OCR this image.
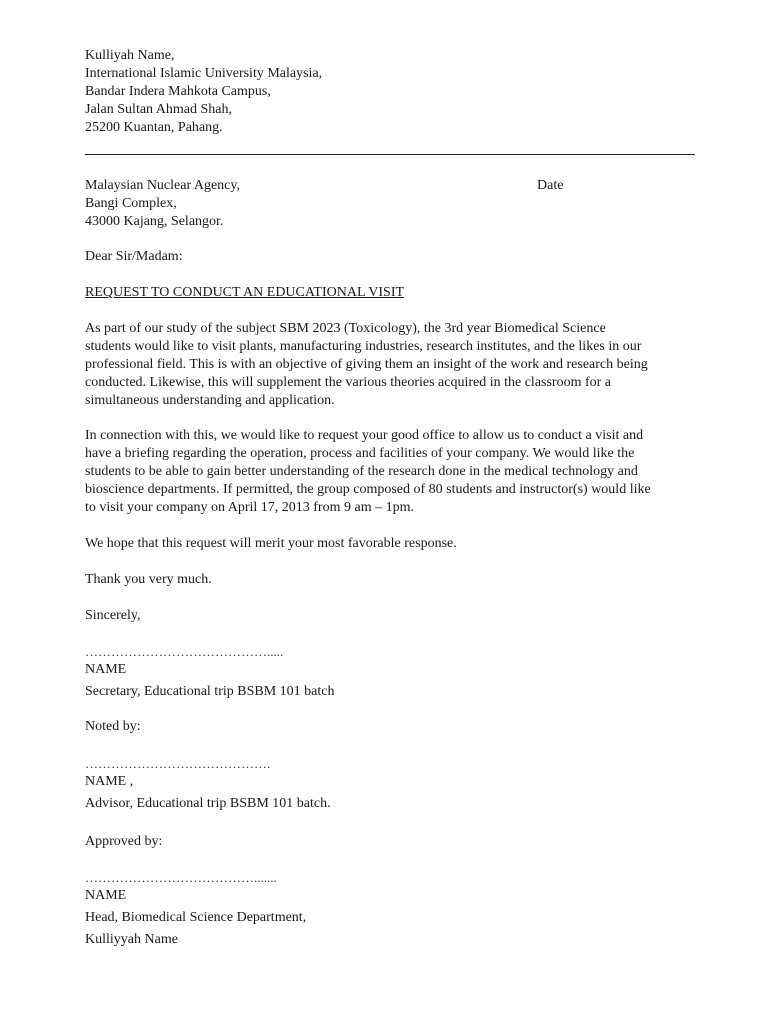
Kulliyah Name,
International Islamic University Malaysia,
Bandar Indera Mahkota Campus,
Jalan Sultan Ahmad Shah,
25200 Kuantan, Pahang.
Malaysian Nuclear Agency,
Bangi Complex,
43000 Kajang, Selangor.
Date
Dear Sir/Madam:
REQUEST TO CONDUCT AN EDUCATIONAL VISIT
As part of our study of the subject SBM 2023 (Toxicology), the 3rd year Biomedical Science
students would like to visit plants, manufacturing industries, research institutes, and the likes in our
professional field. This is with an objective of giving them an insight of the work and research being
conducted. Likewise, this will supplement the various theories acquired in the classroom for a
simultaneous understanding and application.
In connection with this, we would like to request your good office to allow us to conduct a visit and
have a briefing regarding the operation, process and facilities of your company. We would like the
students to be able to gain better understanding of the research done in the medical technology and
bioscience departments. If permitted, the group composed of 80 students and instructor(s) would like
to visit your company on April 17, 2013 from 9 am – 1pm.
We hope that this request will merit your most favorable response.
Thank you very much.
Sincerely,
…………………………………….....
NAME
Secretary, Educational trip BSBM 101 batch
Noted by:
…………………………………….
NAME ,
Advisor, Educational trip BSBM 101 batch.
Approved by:
………………………………….......
NAME
Head, Biomedical Science Department,
Kulliyyah Name
